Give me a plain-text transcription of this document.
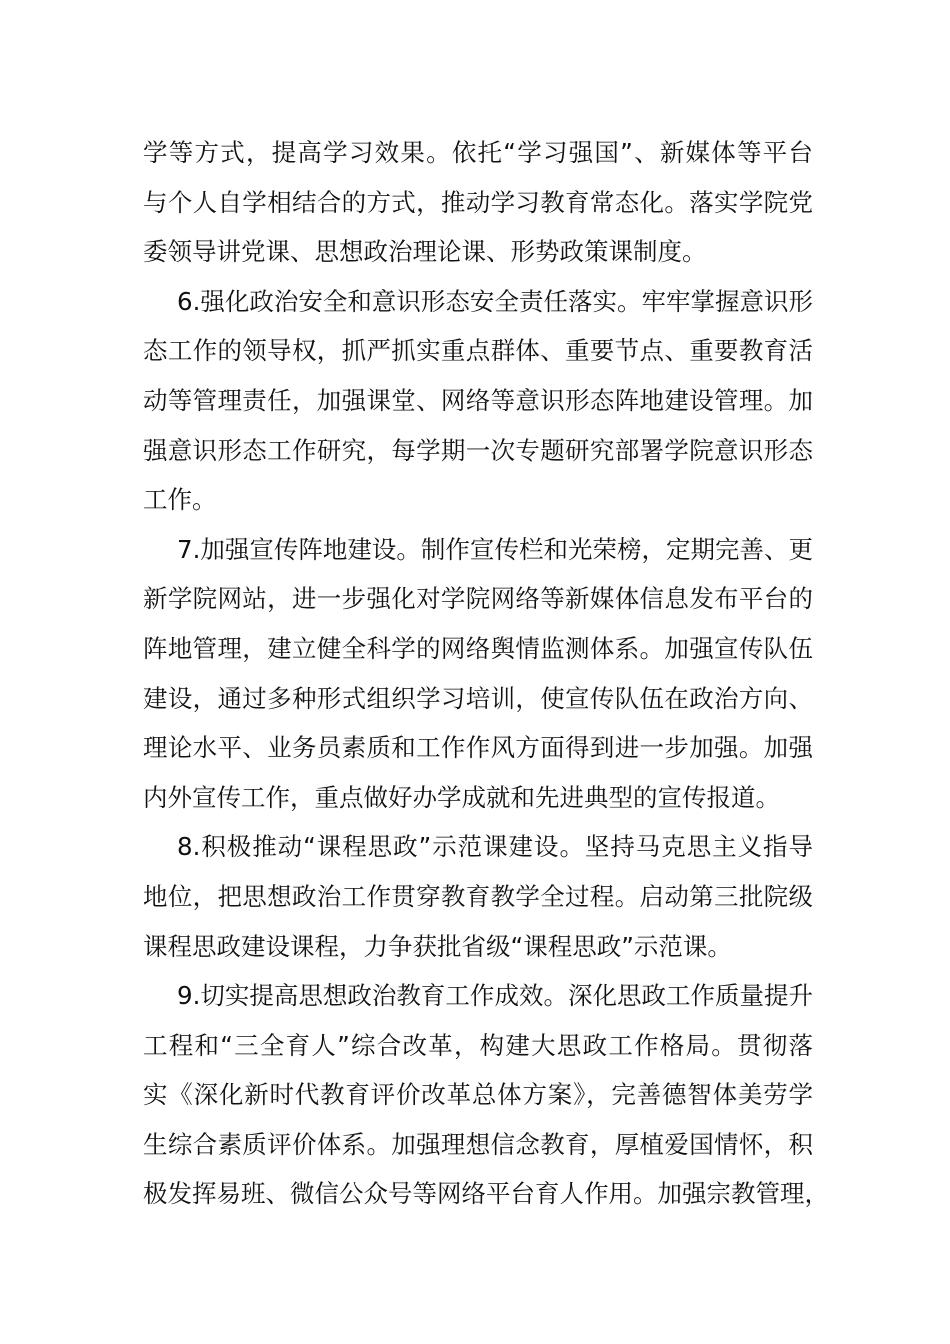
学等方式，提高学习效果。依托“学习强国”、新媒体等平台
与个人自学相结合的方式，推动学习教育常态化。落实学院党
委领导讲党课、思想政治理论课、形势政策课制度。
6.强化政治安全和意识形态安全责任落实。牢牢掌握意识形
态工作的领导权，抓严抓实重点群体、重要节点、重要教育活
动等管理责任，加强课堂、网络等意识形态阵地建设管理。加
强意识形态工作研究，每学期一次专题研究部署学院意识形态
工作。
7.加强宣传阵地建设。制作宣传栏和光荣榜，定期完善、更
新学院网站，进一步强化对学院网络等新媒体信息发布平台的
阵地管理，建立健全科学的网络舆情监测体系。加强宣传队伍
建设，通过多种形式组织学习培训，使宣传队伍在政治方向、
理论水平、业务员素质和工作作风方面得到进一步加强。加强
内外宣传工作，重点做好办学成就和先进典型的宣传报道。
8.积极推动“课程思政”示范课建设。坚持马克思主义指导
地位，把思想政治工作贯穿教育教学全过程。启动第三批院级
课程思政建设课程，力争获批省级“课程思政”示范课。
9.切实提高思想政治教育工作成效。深化思政工作质量提升
工程和“三全育人”综合改革，构建大思政工作格局。贯彻落
实《深化新时代教育评价改革总体方案》，完善德智体美劳学
生综合素质评价体系。加强理想信念教育，厚植爱国情怀，积
极发挥易班、微信公众号等网络平台育人作用。加强宗教管理，
